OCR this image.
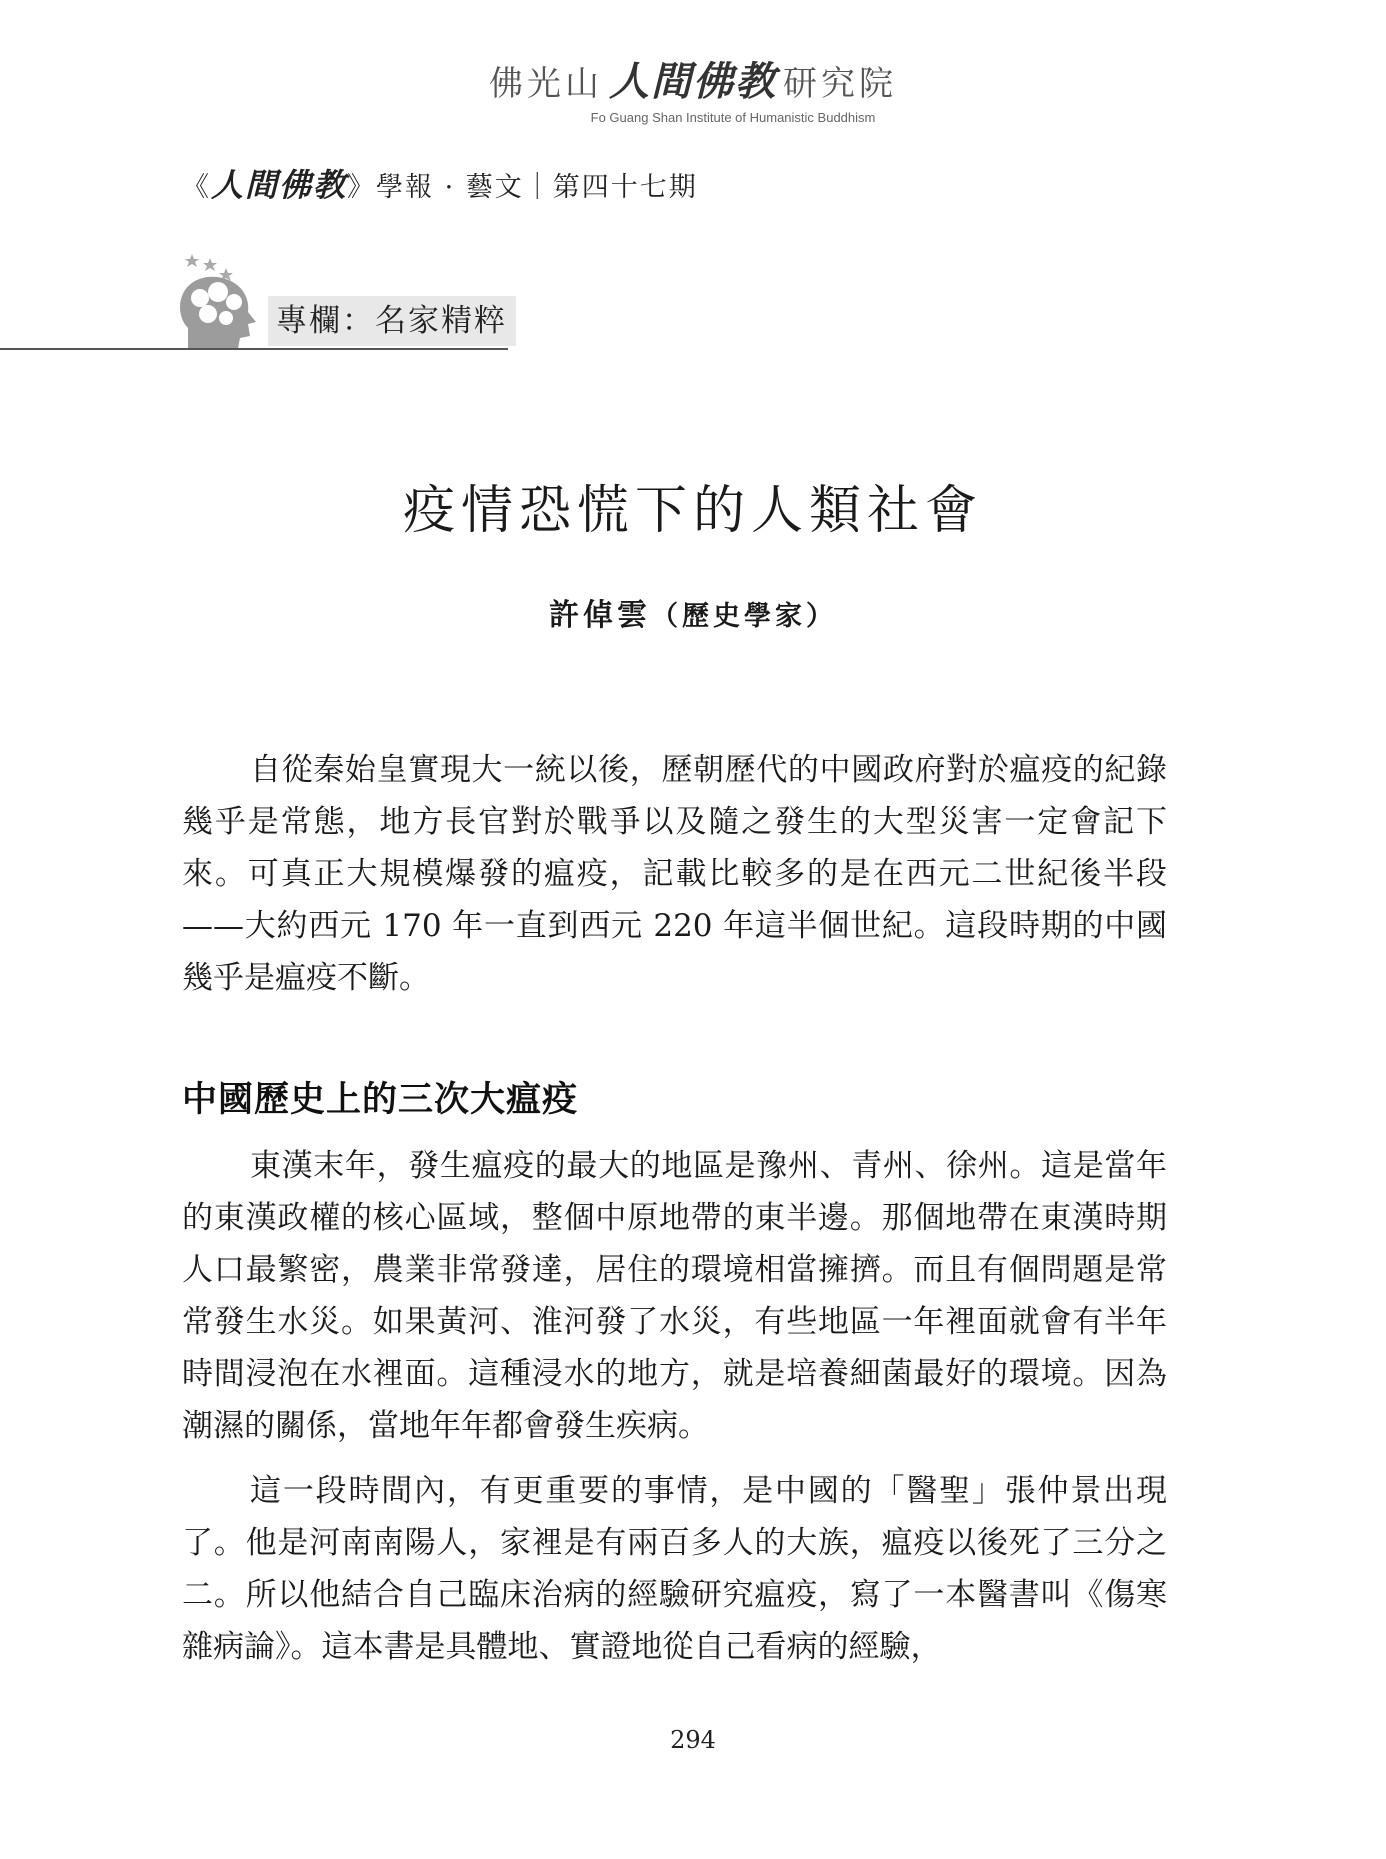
佛光山 人間佛教 研究院
Fo Guang Shan Institute of Humanistic Buddhism
《人間佛教》學報 · 藝文｜第四十七期
專欄：名家精粹
疫情恐慌下的人類社會
許倬雲（歷史學家）

自從秦始皇實現大一統以後，歷朝歷代的中國政府對於瘟疫的紀錄幾乎是常態，地方長官對於戰爭以及隨之發生的大型災害一定會記下來。可真正大規模爆發的瘟疫，記載比較多的是在西元二世紀後半段——大約西元 170 年一直到西元 220 年這半個世紀。這段時期的中國幾乎是瘟疫不斷。

中國歷史上的三次大瘟疫

東漢末年，發生瘟疫的最大的地區是豫州、青州、徐州。這是當年的東漢政權的核心區域，整個中原地帶的東半邊。那個地帶在東漢時期人口最繁密，農業非常發達，居住的環境相當擁擠。而且有個問題是常常發生水災。如果黃河、淮河發了水災，有些地區一年裡面就會有半年時間浸泡在水裡面。這種浸水的地方，就是培養細菌最好的環境。因為潮濕的關係，當地年年都會發生疾病。

這一段時間內，有更重要的事情，是中國的「醫聖」張仲景出現了。他是河南南陽人，家裡是有兩百多人的大族，瘟疫以後死了三分之二。所以他結合自己臨床治病的經驗研究瘟疫，寫了一本醫書叫《傷寒雜病論》。這本書是具體地、實證地從自己看病的經驗，

294
